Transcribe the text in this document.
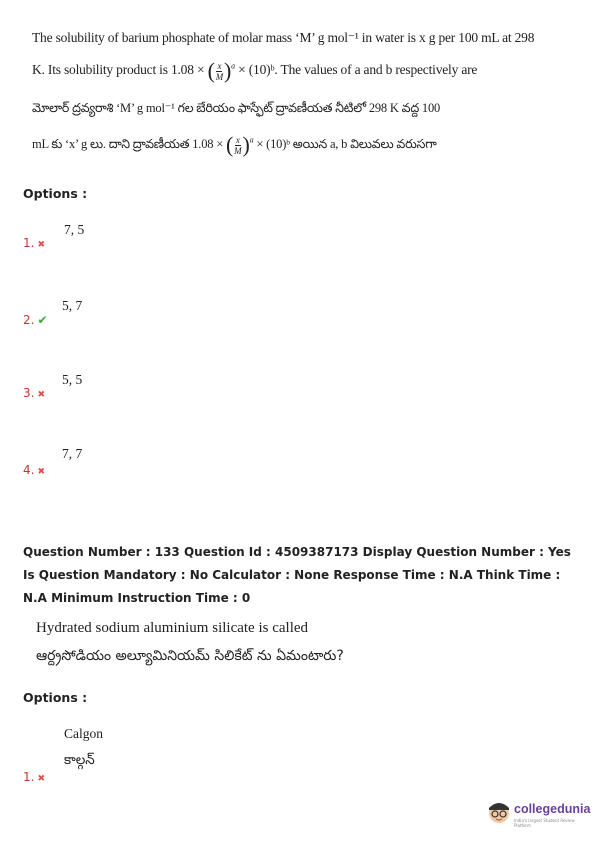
The solubility of barium phosphate of molar mass ‘M’ g mol⁻¹ in water is x g per 100 mL at 298
K. Its solubility product is 1.08 × ( $\frac{x}{M} )^a$ × (10)ᵇ. The values of a and b respectively are
మోలార్ ద్రవ్యరాశి ‘M’ g mol⁻¹ గల బేరియం ఫాస్ఫేట్ ద్రావణీయత నీటిలో 298 K వద్ద 100
mL కు ‘x’ g లు. దాని ద్రావణీయత 1.08 × ( $\frac{x}{M} )^a$ × (10)ᵇ అయిన a, b విలువలు వరుసగా
Options :
7, 5
1. ✖
5, 7
2. ✔
5, 5
3. ✖
7, 7
4. ✖
Question Number : 133 Question Id : 4509387173 Display Question Number : Yes Is Question Mandatory : No Calculator : None Response Time : N.A Think Time : N.A Minimum Instruction Time : 0
Hydrated sodium aluminium silicate is called
ఆర్ద్రసోడియం అల్యూమినియమ్ సిలికేట్ ను ఏమంటారు?
Options :
Calgon
కాల్గన్
1. ✖
collegedunia
India's largest Student Review Platform
